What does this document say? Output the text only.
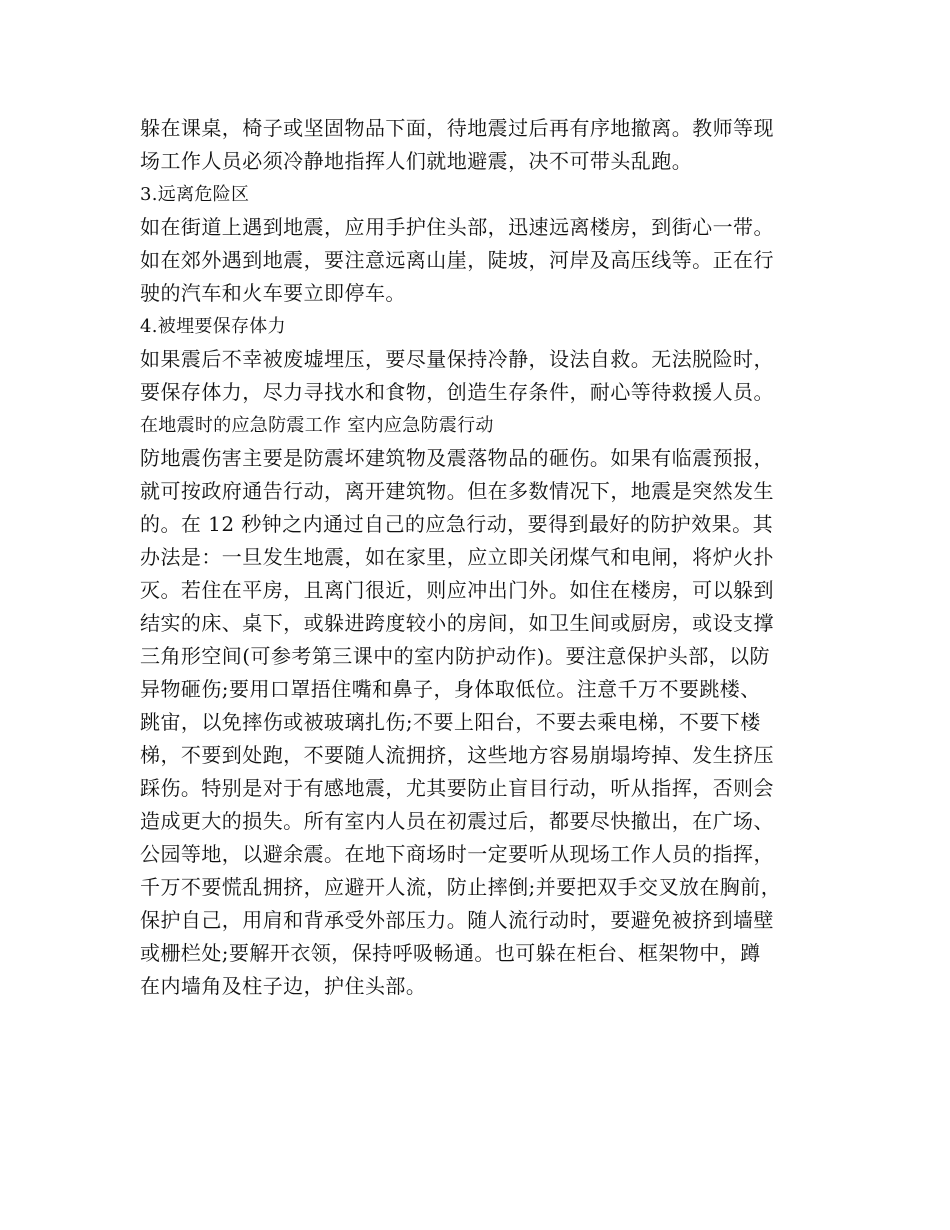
躲在课桌，椅子或坚固物品下面，待地震过后再有序地撤离。教师等现
场工作人员必须冷静地指挥人们就地避震，决不可带头乱跑。
3.远离危险区
如在街道上遇到地震，应用手护住头部，迅速远离楼房，到街心一带。
如在郊外遇到地震，要注意远离山崖，陡坡，河岸及高压线等。正在行
驶的汽车和火车要立即停车。
4.被埋要保存体力
如果震后不幸被废墟埋压，要尽量保持冷静，设法自救。无法脱险时，
要保存体力，尽力寻找水和食物，创造生存条件，耐心等待救援人员。
在地震时的应急防震工作 室内应急防震行动
防地震伤害主要是防震坏建筑物及震落物品的砸伤。如果有临震预报，
就可按政府通告行动，离开建筑物。但在多数情况下，地震是突然发生
的。在 12 秒钟之内通过自己的应急行动，要得到最好的防护效果。其
办法是：一旦发生地震，如在家里，应立即关闭煤气和电闸，将炉火扑
灭。若住在平房，且离门很近，则应冲出门外。如住在楼房，可以躲到
结实的床、桌下，或躲进跨度较小的房间，如卫生间或厨房，或设支撑
三角形空间(可参考第三课中的室内防护动作)。要注意保护头部，以防
异物砸伤;要用口罩捂住嘴和鼻子，身体取低位。注意千万不要跳楼、
跳宙，以免摔伤或被玻璃扎伤;不要上阳台，不要去乘电梯，不要下楼
梯，不要到处跑，不要随人流拥挤，这些地方容易崩塌垮掉、发生挤压
踩伤。特别是对于有感地震，尤其要防止盲目行动，听从指挥，否则会
造成更大的损失。所有室内人员在初震过后，都要尽快撤出，在广场、
公园等地，以避余震。在地下商场时一定要听从现场工作人员的指挥，
千万不要慌乱拥挤，应避开人流，防止摔倒;并要把双手交叉放在胸前，
保护自己，用肩和背承受外部压力。随人流行动时，要避免被挤到墙壁
或栅栏处;要解开衣领，保持呼吸畅通。也可躲在柜台、框架物中，蹲
在内墙角及柱子边，护住头部。
